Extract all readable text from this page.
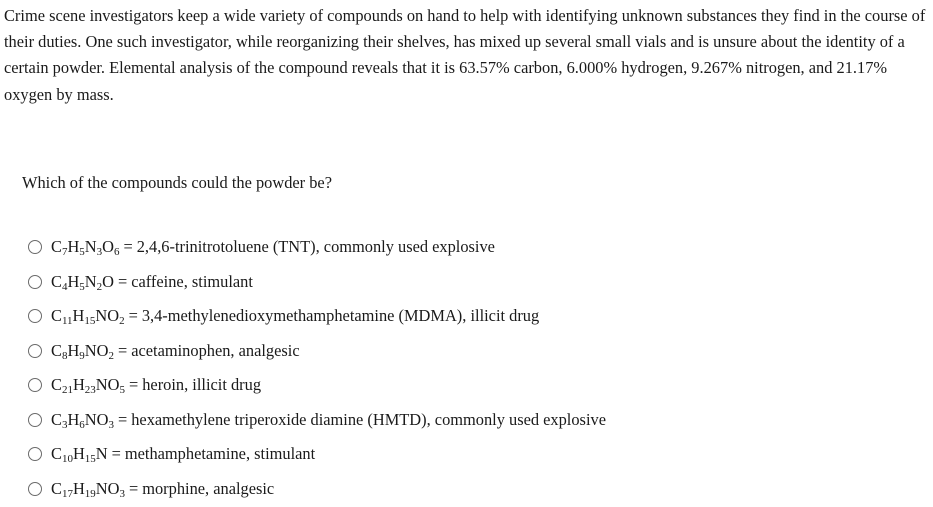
Crime scene investigators keep a wide variety of compounds on hand to help with identifying unknown substances they find in the course of their duties. One such investigator, while reorganizing their shelves, has mixed up several small vials and is unsure about the identity of a certain powder. Elemental analysis of the compound reveals that it is 63.57% carbon, 6.000% hydrogen, 9.267% nitrogen, and 21.17% oxygen by mass.
Which of the compounds could the powder be?
$C_7H_5N_3O_6$ = 2,4,6-trinitrotoluene (TNT), commonly used explosive
$C_4H_5N_2O$ = caffeine, stimulant
$C_{11}H_{15}NO_2$ = 3,4-methylenedioxymethamphetamine (MDMA), illicit drug
$C_8H_9NO_2$ = acetaminophen, analgesic
$C_{21}H_{23}NO_5$ = heroin, illicit drug
$C_3H_6NO_3$ = hexamethylene triperoxide diamine (HMTD), commonly used explosive
$C_{10}H_{15}N$ = methamphetamine, stimulant
$C_{17}H_{19}NO_3$ = morphine, analgesic
